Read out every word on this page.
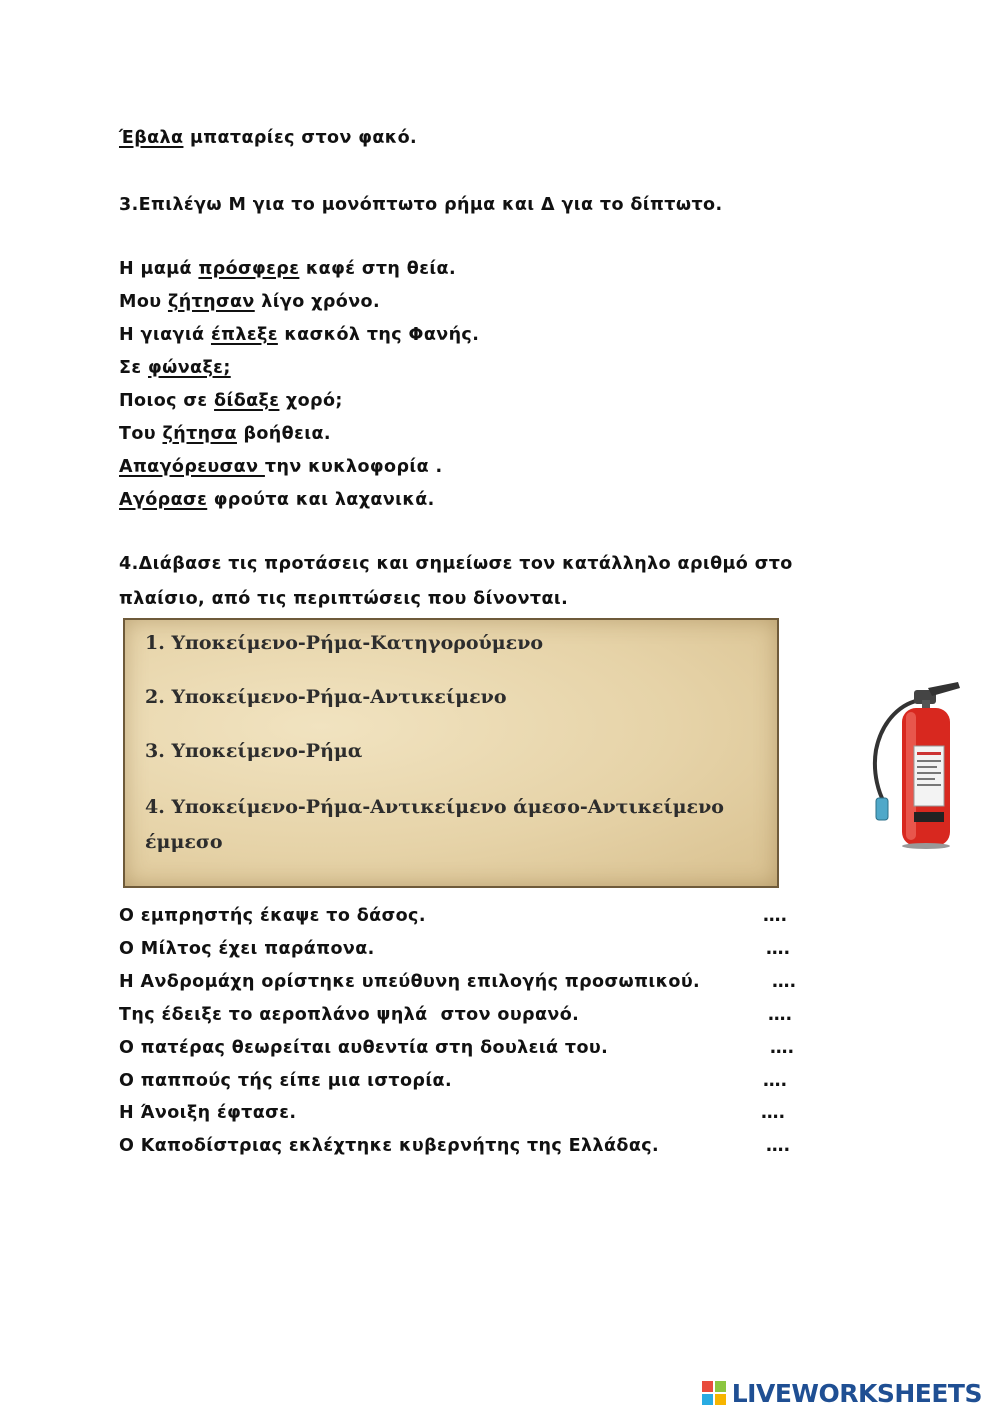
Έβαλα μπαταρίες στον φακό.
3.Επιλέγω Μ για το μονόπτωτο ρήμα και Δ για το δίπτωτο.
Η μαμά πρόσφερε καφέ στη θεία.
Μου ζήτησαν λίγο χρόνο.
Η γιαγιά έπλεξε κασκόλ της Φανής.
Σε φώναξε;
Ποιος σε δίδαξε χορό;
Του ζήτησα βοήθεια.
Απαγόρευσαν την κυκλοφορία .
Αγόρασε φρούτα και λαχανικά.
4.Διάβασε τις προτάσεις και σημείωσε τον κατάλληλο αριθμό στο
πλαίσιο, από τις περιπτώσεις που δίνονται.
1. Υποκείμενο-Ρήμα-Κατηγορούμενο
2. Υποκείμενο-Ρήμα-Αντικείμενο
3. Υποκείμενο-Ρήμα
4. Υποκείμενο-Ρήμα-Αντικείμενο άμεσο-Αντικείμενο
έμμεσο
Ο εμπρηστής έκαψε το δάσος.	….
Ο Μίλτος έχει παράπονα.	….
Η Ανδρομάχη ορίστηκε υπεύθυνη επιλογής προσωπικού.	….
Της έδειξε το αεροπλάνο ψηλά  στον ουρανό.	….
Ο πατέρας θεωρείται αυθεντία στη δουλειά του.	….
Ο παππούς τής είπε μια ιστορία.	….
Η Άνοιξη έφτασε.	….
Ο Καποδίστριας εκλέχτηκε κυβερνήτης της Ελλάδας.	….
LIVEWORKSHEETS
